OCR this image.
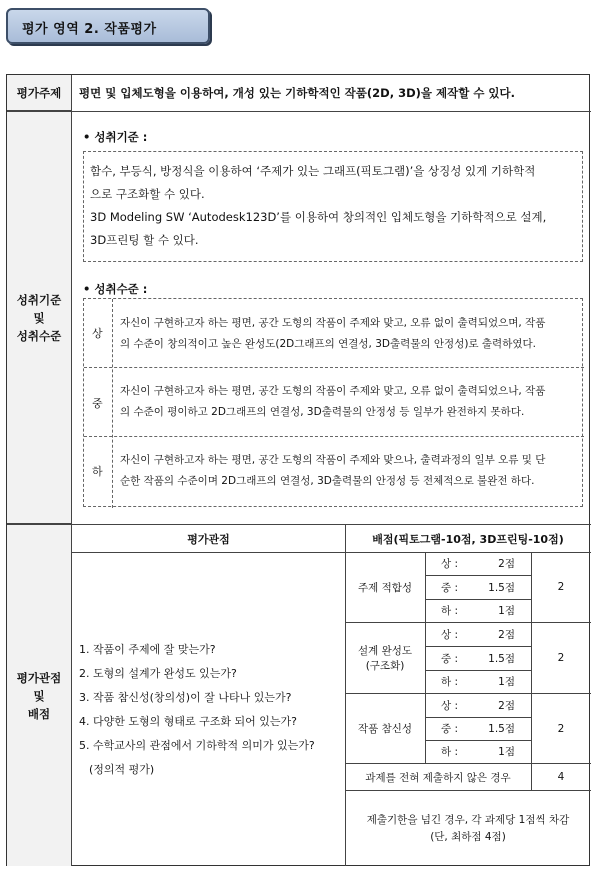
평가 영역 2. 작품평가
평가주제 평면 및 입체도형을 이용하여, 개성 있는 기하학적인 작품(2D, 3D)을 제작할 수 있다.
성취기준
및
성취수준
• 성취기준 :
함수, 부등식, 방정식을 이용하여 ‘주제가 있는 그래프(픽토그램)’을 상징성 있게 기하학적
으로 구조화할 수 있다.
3D Modeling SW ‘Autodesk123D’를 이용하여 창의적인 입체도형을 기하학적으로 설계,
3D프린팅 할 수 있다.
• 성취수준 :
상
자신이 구현하고자 하는 평면, 공간 도형의 작품이 주제와 맞고, 오류 없이 출력되었으며, 작품
의 수준이 창의적이고 높은 완성도(2D그래프의 연결성, 3D출력물의 안정성)로 출력하였다.
중
자신이 구현하고자 하는 평면, 공간 도형의 작품이 주제와 맞고, 오류 없이 출력되었으나, 작품
의 수준이 평이하고 2D그래프의 연결성, 3D출력물의 안정성 등 일부가 완전하지 못하다.
하
자신이 구현하고자 하는 평면, 공간 도형의 작품이 주제와 맞으나, 출력과정의 일부 오류 및 단
순한 작품의 수준이며 2D그래프의 연결성, 3D출력물의 안정성 등 전체적으로 불완전 하다.
평가관점
및
배점
평가관점	배점(픽토그램-10점, 3D프린팅-10점)
1. 작품이 주제에 잘 맞는가?
2. 도형의 설계가 완성도 있는가?
3. 작품 참신성(창의성)이 잘 나타나 있는가?
4. 다양한 도형의 형태로 구조화 되어 있는가?
5. 수학교사의 관점에서 기하학적 의미가 있는가?
(정의적 평가)
주제 적합성
상 :	2점
중 :	1.5점
하 :	1점
2
설계 완성도
(구조화)
상 :	2점
중 :	1.5점
하 :	1점
2
작품 참신성
상 :	2점
중 :	1.5점
하 :	1점
2
과제를 전혀 제출하지 않은 경우	4
제출기한을 넘긴 경우, 각 과제당 1점씩 차감
(단, 최하점 4점)
